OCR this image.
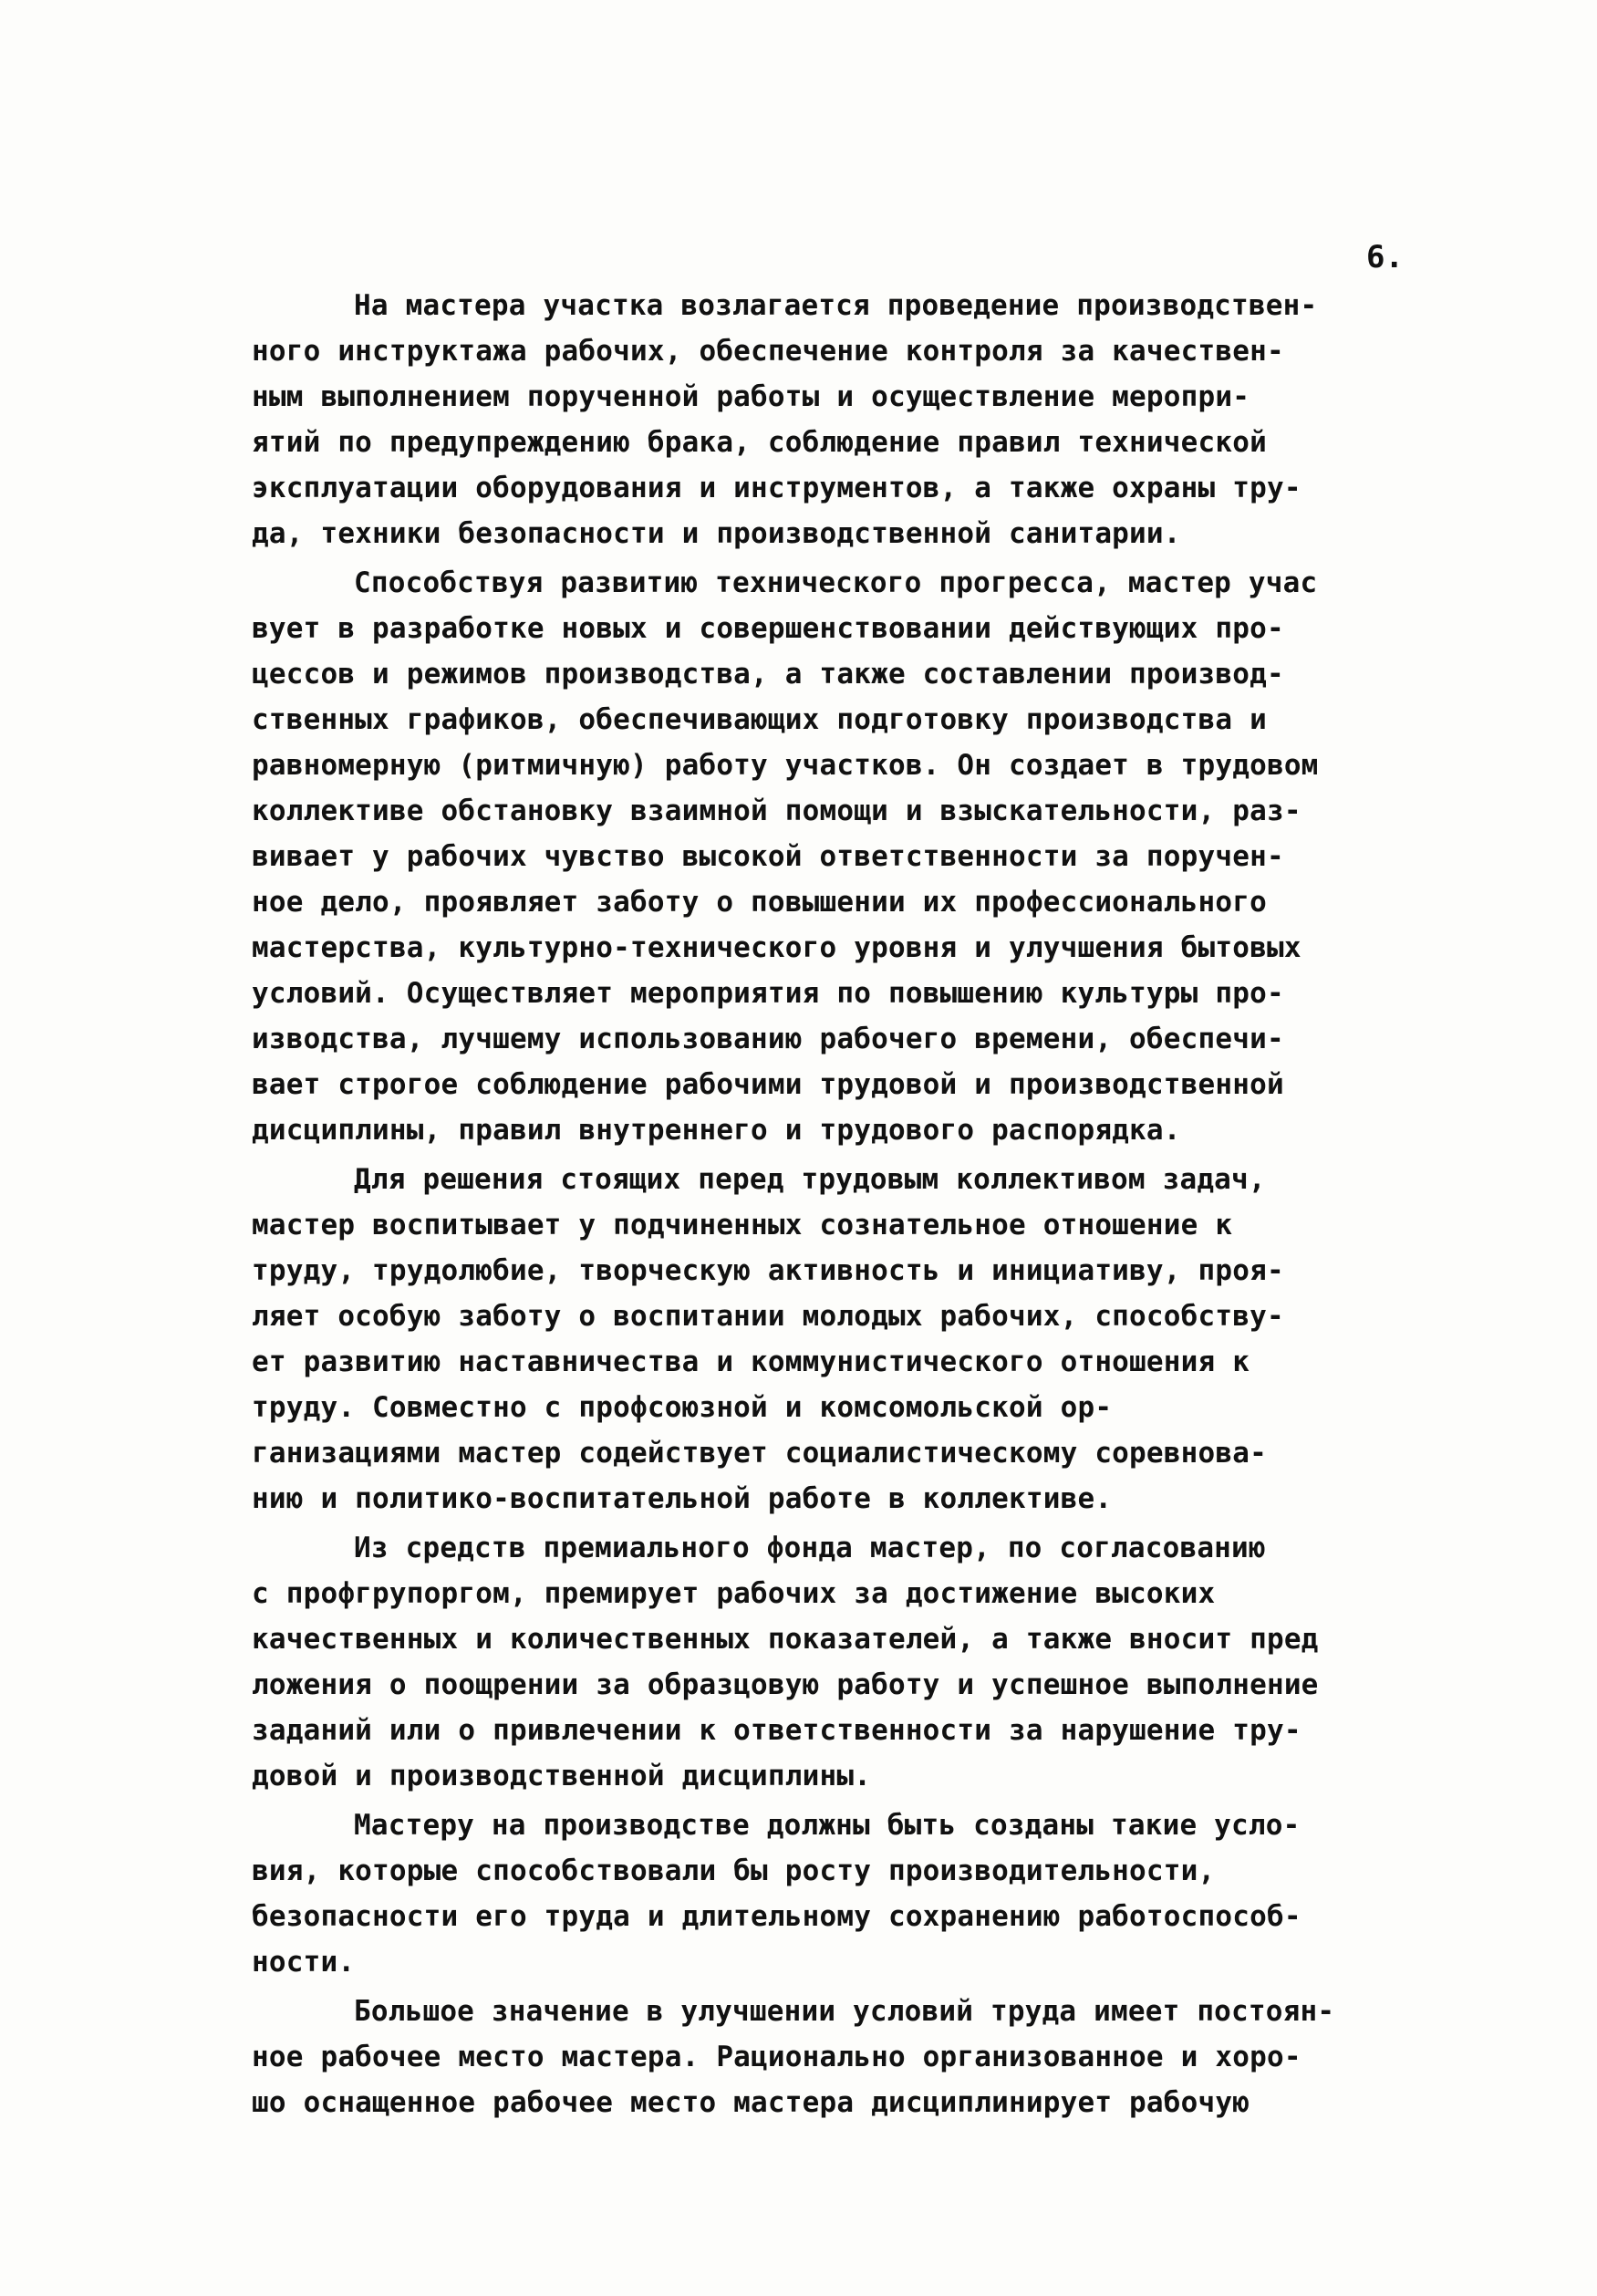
6.
На мастера участка возлагается проведение производствен-
ного инструктажа рабочих, обеспечение контроля за качествен-
ным выполнением порученной работы и осуществление меропри-
ятий по предупреждению брака, соблюдение правил технической
эксплуатации оборудования и инструментов, а также охраны тру-
да, техники безопасности и производственной санитарии.
Способствуя развитию технического прогресса, мастер учас
вует в разработке новых и совершенствовании действующих про-
цессов и режимов производства, а также составлении производ-
ственных графиков, обеспечивающих подготовку производства и
равномерную (ритмичную) работу участков. Он создает в трудовом
коллективе обстановку взаимной помощи и взыскательности, раз-
вивает у рабочих чувство высокой ответственности за поручен-
ное дело, проявляет заботу о повышении их профессионального
мастерства, культурно-технического уровня и улучшения бытовых
условий. Осуществляет мероприятия по повышению культуры про-
изводства, лучшему использованию рабочего времени, обеспечи-
вает строгое соблюдение рабочими трудовой и производственной
дисциплины, правил внутреннего и трудового распорядка.
Для решения стоящих перед трудовым коллективом задач,
мастер воспитывает у подчиненных сознательное отношение к
труду, трудолюбие, творческую активность и инициативу, проя-
ляет особую заботу о воспитании молодых рабочих, способству-
ет развитию наставничества и коммунистического отношения к
труду. Совместно с профсоюзной и комсомольской ор-
ганизациями мастер содействует социалистическому соревнова-
нию и политико-воспитательной работе в коллективе.
Из средств премиального фонда мастер, по согласованию
с профгрупоргом, премирует рабочих за достижение высоких
качественных и количественных показателей, а также вносит пред
ложения о поощрении за образцовую работу и успешное выполнение
заданий или о привлечении к ответственности за нарушение тру-
довой и производственной дисциплины.
Мастеру на производстве должны быть созданы такие усло-
вия, которые способствовали бы росту производительности,
безопасности его труда и длительному сохранению работоспособ-
ности.
Большое значение в улучшении условий труда имеет постоян-
ное рабочее место мастера. Рационально организованное и хоро-
шо оснащенное рабочее место мастера дисциплинирует рабочую
